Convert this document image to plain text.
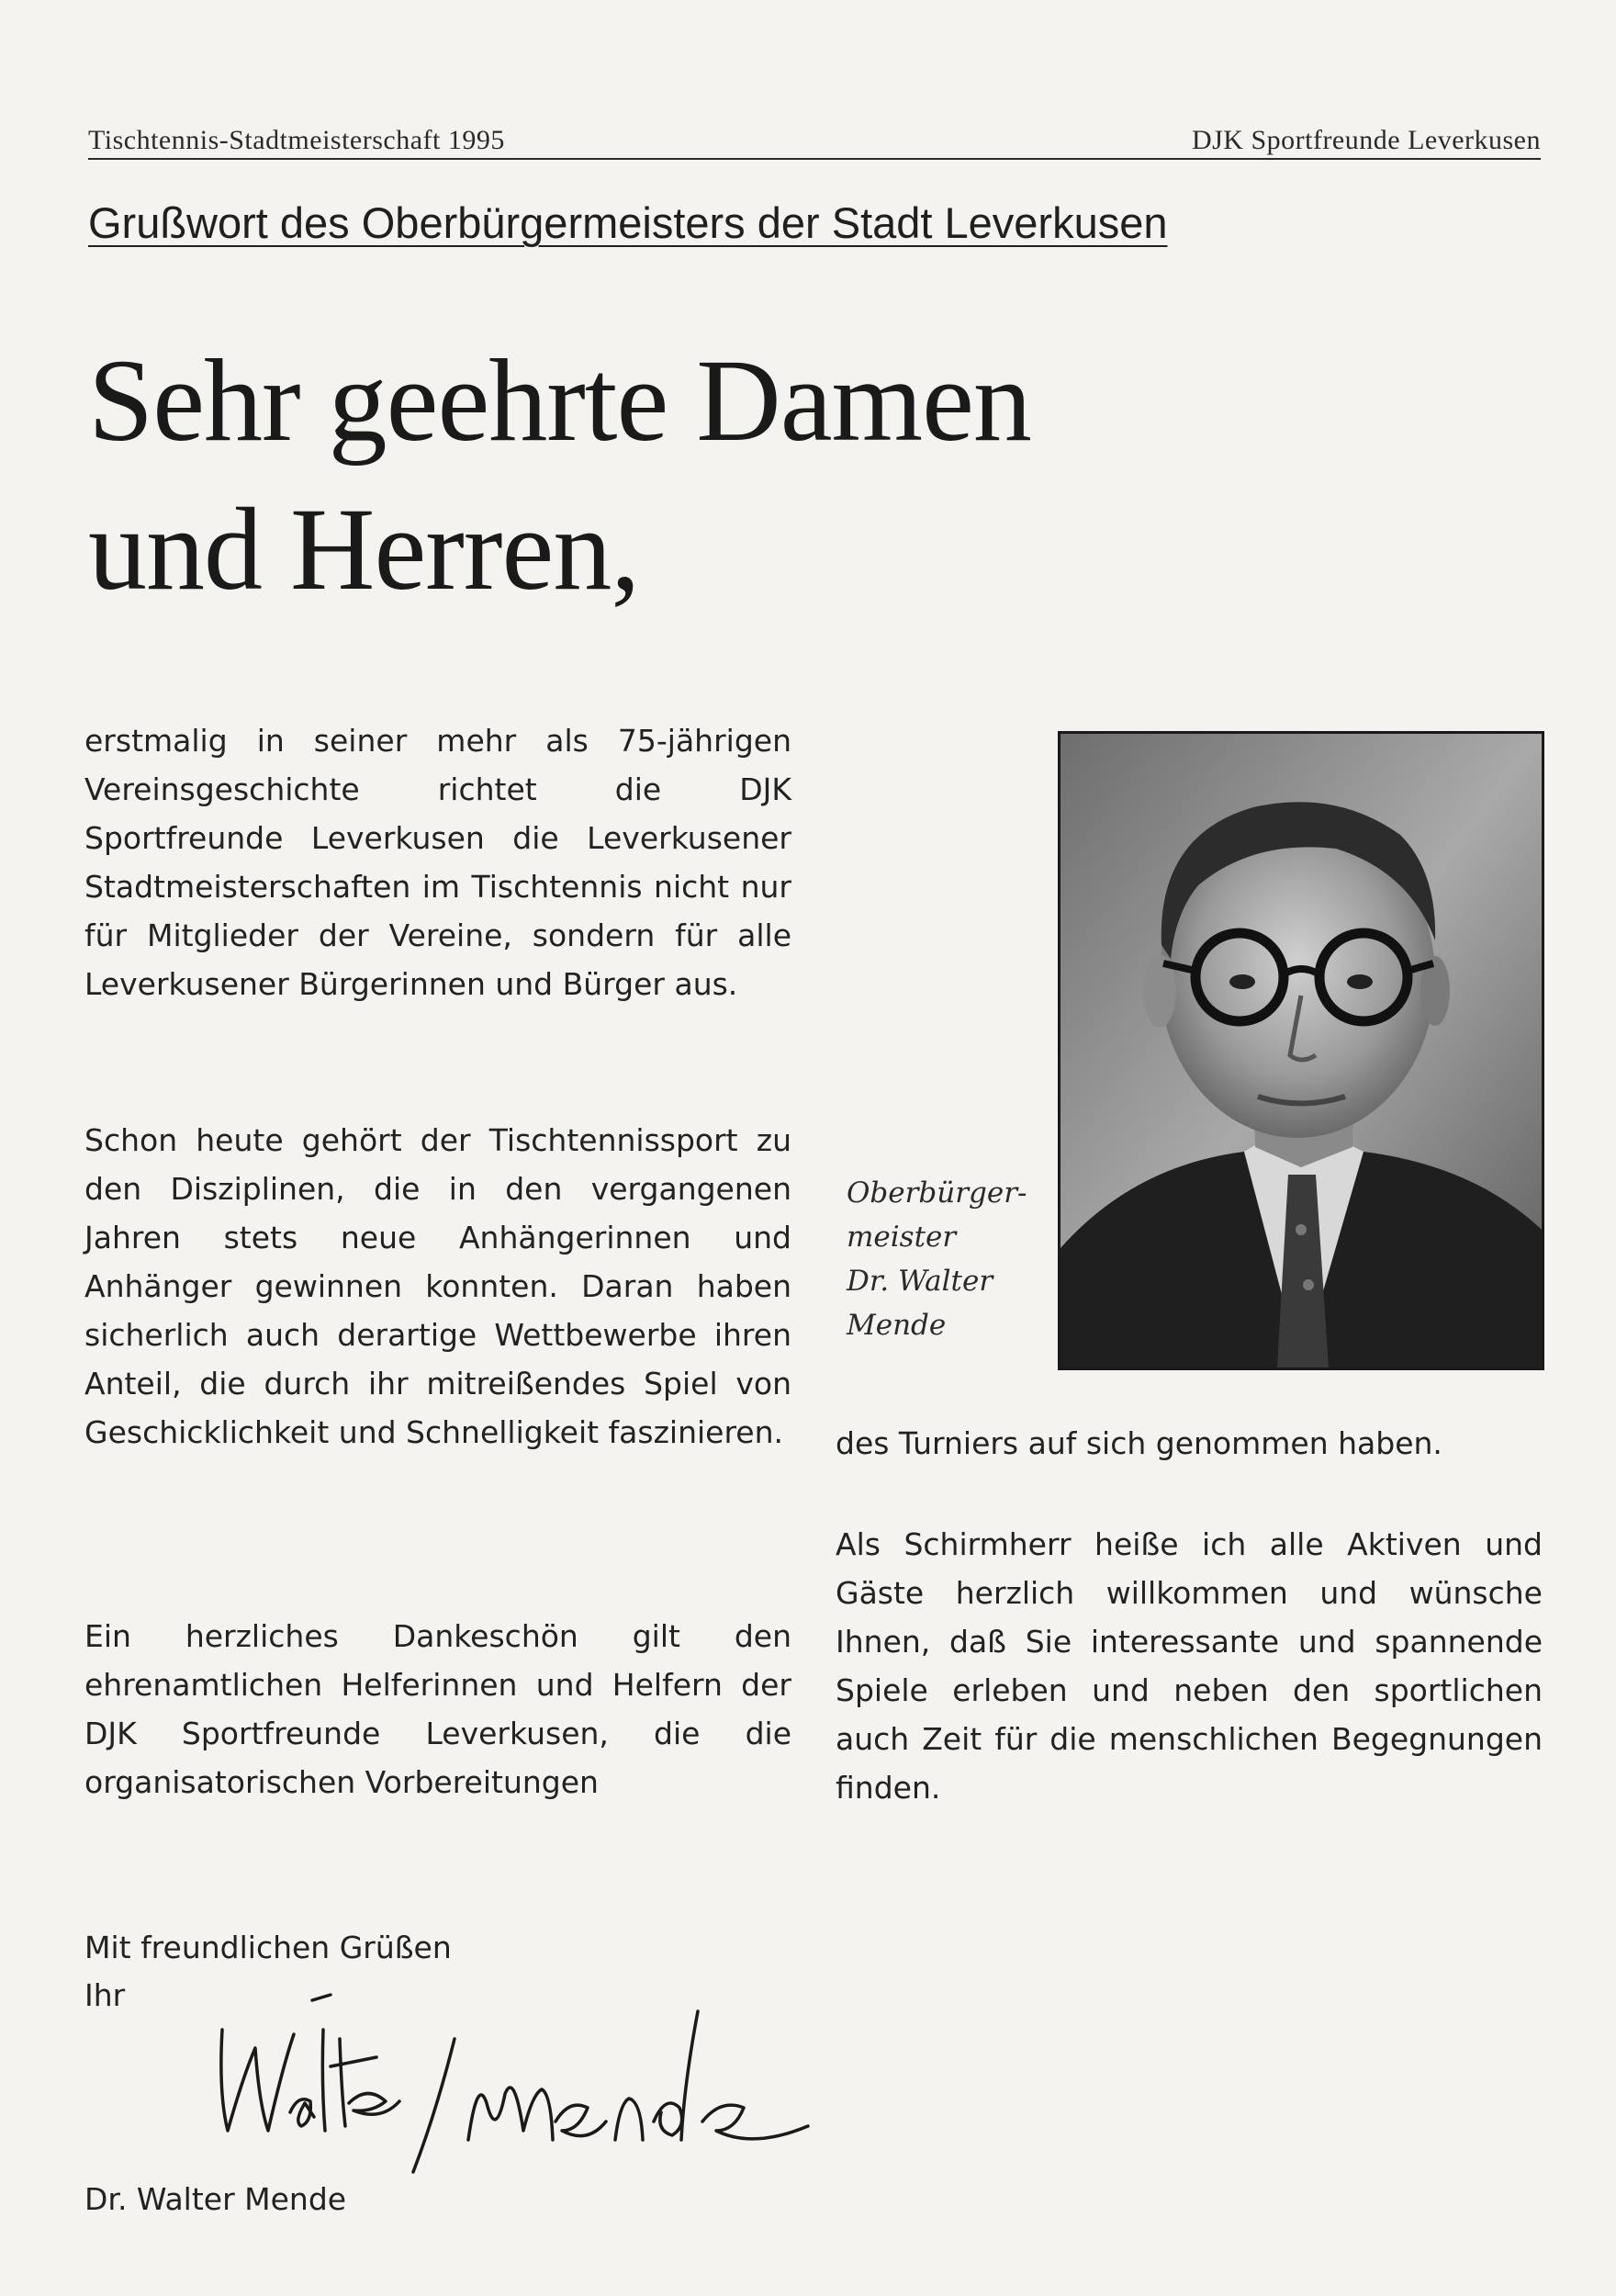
Tischtennis-Stadtmeisterschaft 1995	DJK Sportfreunde Leverkusen
Grußwort des Oberbürgermeisters der Stadt Leverkusen
Sehr geehrte Damen
und Herren,

erstmalig in seiner mehr als 75-jährigen Vereinsgeschichte richtet die DJK Sportfreunde Leverkusen die Leverkusener Stadtmeisterschaften im Tischtennis nicht nur für Mitglieder der Vereine, sondern für alle Leverkusener Bürgerinnen und Bürger aus.

Schon heute gehört der Tischtennissport zu den Disziplinen, die in den vergangenen Jahren stets neue Anhängerinnen und Anhänger gewinnen konnten. Daran haben sicherlich auch derartige Wettbewerbe ihren Anteil, die durch ihr mitreißendes Spiel von Geschicklichkeit und Schnelligkeit faszinieren.

Ein herzliches Dankeschön gilt den ehrenamtlichen Helferinnen und Helfern der DJK Sportfreunde Leverkusen, die die organisatorischen Vorbereitungen

des Turniers auf sich genommen haben.

Als Schirmherr heiße ich alle Aktiven und Gäste herzlich willkommen und wünsche Ihnen, daß Sie interessante und spannende Spiele erleben und neben den sportlichen auch Zeit für die menschlichen Begegnungen finden.

Oberbürger-
meister
Dr. Walter
Mende
Mit freundlichen Grüßen
Ihr
Dr. Walter Mende
